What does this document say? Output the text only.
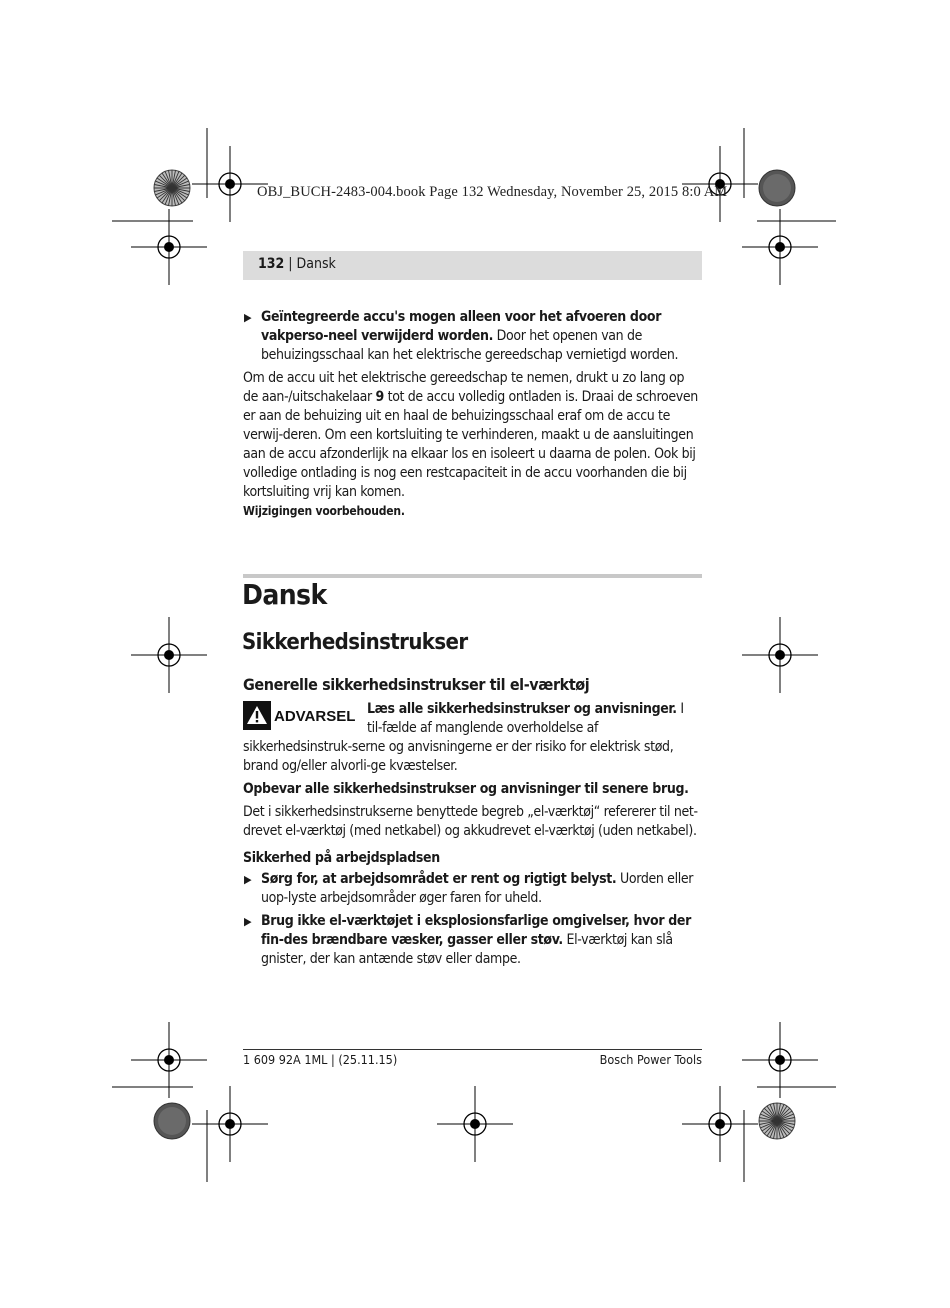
OBJ_BUCH-2483-004.book Page 132 Wednesday, November 25, 2015 8:0 AM
132 | Dansk
▶ Geïntegreerde accu's mogen alleen voor het afvoeren door vakperso-neel verwijderd worden. Door het openen van de behuizingsschaal kan het elektrische gereedschap vernietigd worden.

Om de accu uit het elektrische gereedschap te nemen, drukt u zo lang op de aan-/uitschakelaar 9 tot de accu volledig ontladen is. Draai de schroeven er aan de behuizing uit en haal de behuizingsschaal eraf om de accu te verwij-deren. Om een kortsluiting te verhinderen, maakt u de aansluitingen aan de accu afzonderlijk na elkaar los en isoleert u daarna de polen. Ook bij volledige ontlading is nog een restcapaciteit in de accu voorhanden die bij kortsluiting vrij kan komen.

Wijzigingen voorbehouden.

Dansk
Sikkerhedsinstrukser
Generelle sikkerhedsinstrukser til el-værktøj
ADVARSEL Læs alle sikkerhedsinstrukser og anvisninger. I til-fælde af manglende overholdelse af sikkerhedsinstruk-serne og anvisningerne er der risiko for elektrisk stød, brand og/eller alvorli-ge kvæstelser.

Opbevar alle sikkerhedsinstrukser og anvisninger til senere brug.

Det i sikkerhedsinstrukserne benyttede begreb „el-værktøj“ refererer til net-drevet el-værktøj (med netkabel) og akkudrevet el-værktøj (uden netkabel).

Sikkerhed på arbejdspladsen

▶ Sørg for, at arbejdsområdet er rent og rigtigt belyst. Uorden eller uop-lyste arbejdsområder øger faren for uheld.
▶ Brug ikke el-værktøjet i eksplosionsfarlige omgivelser, hvor der fin-des brændbare væsker, gasser eller støv. El-værktøj kan slå gnister, der kan antænde støv eller dampe.
1 609 92A 1ML | (25.11.15)	Bosch Power Tools
